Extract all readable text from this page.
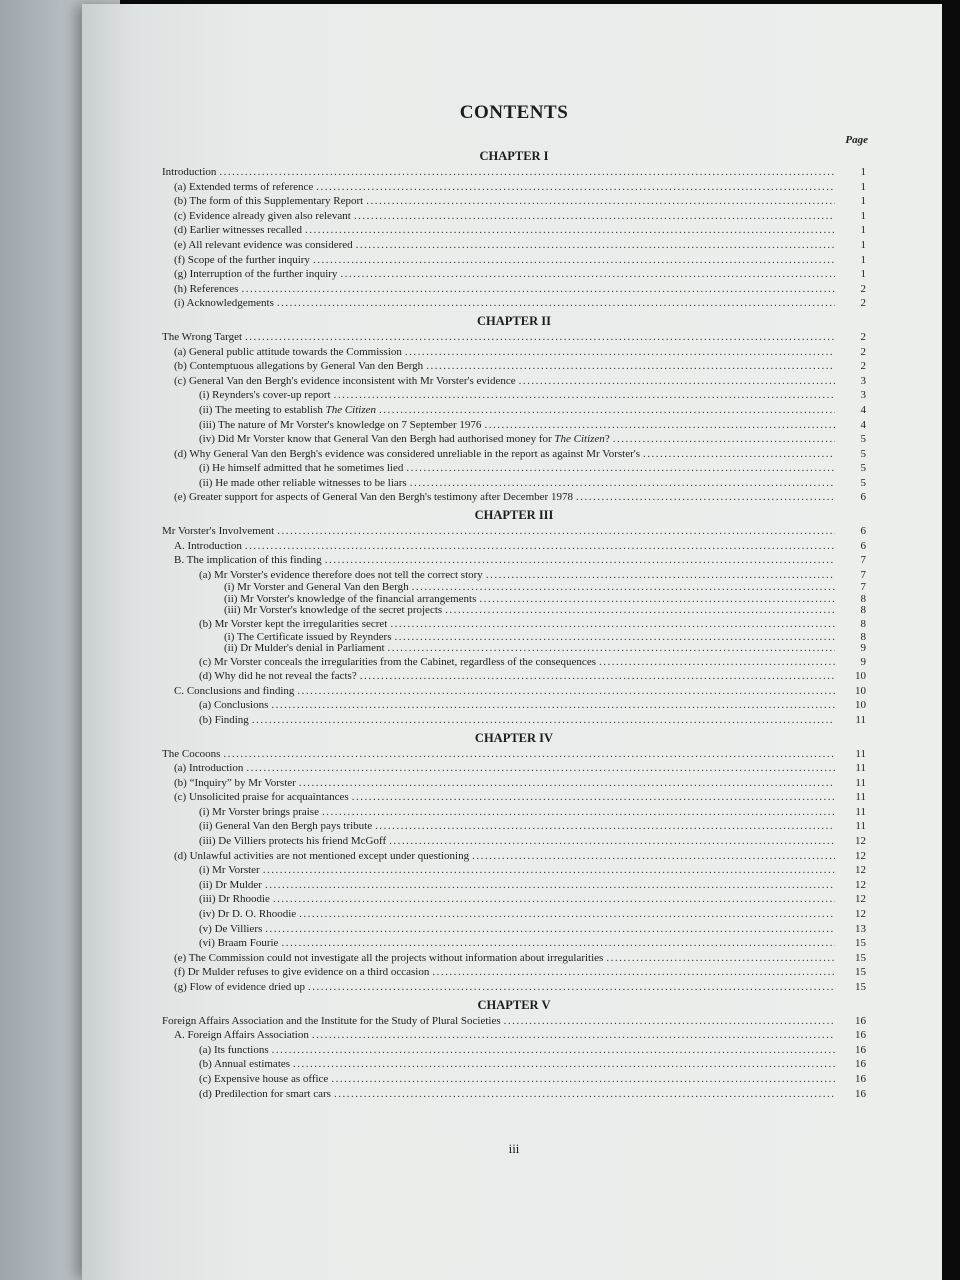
CONTENTS
Page
CHAPTER I
Introduction .....	1
(a) Extended terms of reference .....	1
(b) The form of this Supplementary Report .....	1
(c) Evidence already given also relevant .....	1
(d) Earlier witnesses recalled .....	1
(e) All relevant evidence was considered .....	1
(f) Scope of the further inquiry .....	1
(g) Interruption of the further inquiry .....	1
(h) References .....	2
(i) Acknowledgements .....	2
CHAPTER II
The Wrong Target .....	2
(a) General public attitude towards the Commission .....	2
(b) Contemptuous allegations by General Van den Bergh .....	2
(c) General Van den Bergh's evidence inconsistent with Mr Vorster's evidence .....	3
(i) Reynders's cover-up report .....	3
(ii) The meeting to establish The Citizen .....	4
(iii) The nature of Mr Vorster's knowledge on 7 September 1976 .....	4
(iv) Did Mr Vorster know that General Van den Bergh had authorised money for The Citizen? .....	5
(d) Why General Van den Bergh's evidence was considered unreliable in the report as against Mr Vorster's .....	5
(i) He himself admitted that he sometimes lied .....	5
(ii) He made other reliable witnesses to be liars .....	5
(e) Greater support for aspects of General Van den Bergh's testimony after December 1978 .....	6
CHAPTER III
Mr Vorster's Involvement .....	6
A. Introduction .....	6
B. The implication of this finding .....	7
(a) Mr Vorster's evidence therefore does not tell the correct story .....	7
(i) Mr Vorster and General Van den Bergh .....	7
(ii) Mr Vorster's knowledge of the financial arrangements .....	8
(iii) Mr Vorster's knowledge of the secret projects .....	8
(b) Mr Vorster kept the irregularities secret .....	8
(i) The Certificate issued by Reynders .....	8
(ii) Dr Mulder's denial in Parliament .....	9
(c) Mr Vorster conceals the irregularities from the Cabinet, regardless of the consequences .....	9
(d) Why did he not reveal the facts? .....	10
C. Conclusions and finding .....	10
(a) Conclusions .....	10
(b) Finding .....	11
CHAPTER IV
The Cocoons .....	11
(a) Introduction .....	11
(b) “Inquiry” by Mr Vorster .....	11
(c) Unsolicited praise for acquaintances .....	11
(i) Mr Vorster brings praise .....	11
(ii) General Van den Bergh pays tribute .....	11
(iii) De Villiers protects his friend McGoff .....	12
(d) Unlawful activities are not mentioned except under questioning .....	12
(i) Mr Vorster .....	12
(ii) Dr Mulder .....	12
(iii) Dr Rhoodie .....	12
(iv) Dr D. O. Rhoodie .....	12
(v) De Villiers .....	13
(vi) Braam Fourie .....	15
(e) The Commission could not investigate all the projects without information about irregularities .....	15
(f) Dr Mulder refuses to give evidence on a third occasion .....	15
(g) Flow of evidence dried up .....	15
CHAPTER V
Foreign Affairs Association and the Institute for the Study of Plural Societies .....	16
A. Foreign Affairs Association .....	16
(a) Its functions .....	16
(b) Annual estimates .....	16
(c) Expensive house as office .....	16
(d) Predilection for smart cars .....	16
iii
